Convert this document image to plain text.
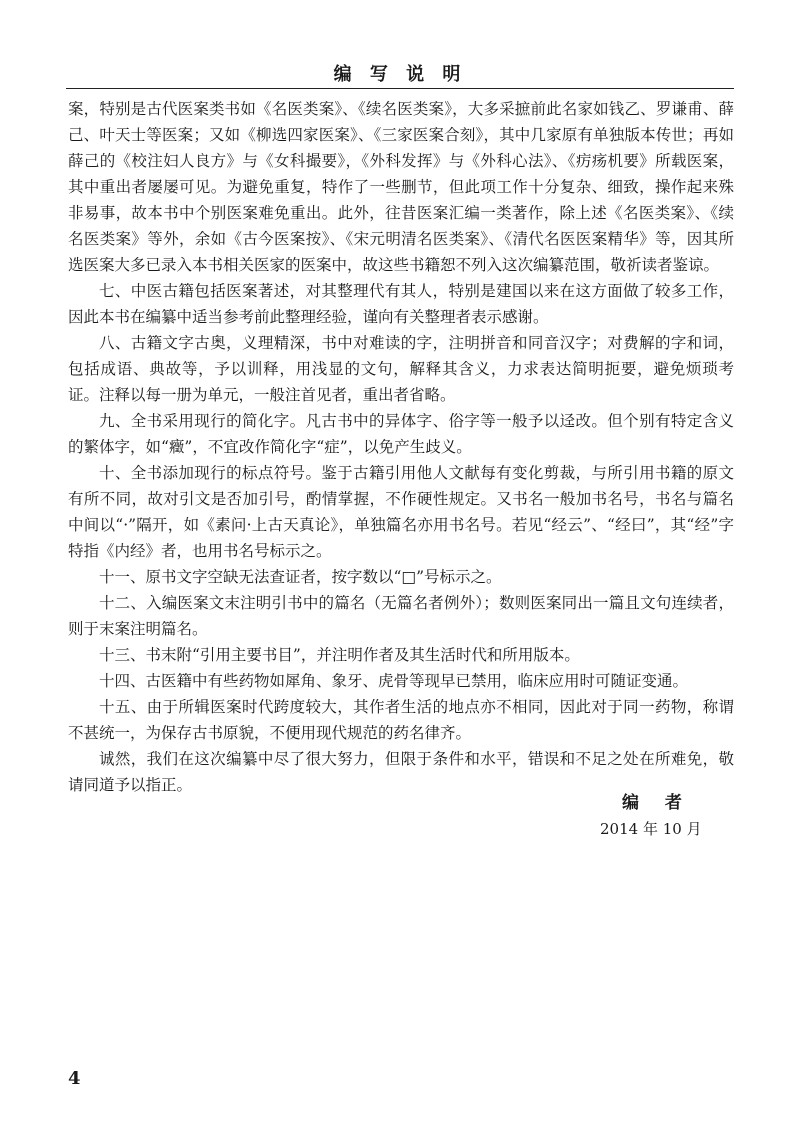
编 写 说 明

案，特别是古代医案类书如《名医类案》、《续名医类案》，大多采摭前此名家如钱乙、罗谦甫、薛己、叶天士等医案；又如《柳选四家医案》、《三家医案合刻》，其中几家原有单独版本传世；再如薛己的《校注妇人良方》与《女科撮要》，《外科发挥》与《外科心法》、《疠疡机要》所载医案，其中重出者屡屡可见。为避免重复，特作了一些删节，但此项工作十分复杂、细致，操作起来殊非易事，故本书中个别医案难免重出。此外，往昔医案汇编一类著作，除上述《名医类案》、《续名医类案》等外，余如《古今医案按》、《宋元明清名医类案》、《清代名医医案精华》等，因其所选医案大多已录入本书相关医家的医案中，故这些书籍恕不列入这次编纂范围，敬祈读者鉴谅。

七、中医古籍包括医案著述，对其整理代有其人，特别是建国以来在这方面做了较多工作，因此本书在编纂中适当参考前此整理经验，谨向有关整理者表示感谢。

八、古籍文字古奥，义理精深，书中对难读的字，注明拼音和同音汉字；对费解的字和词，包括成语、典故等，予以训释，用浅显的文句，解释其含义，力求表达简明扼要，避免烦琐考证。注释以每一册为单元，一般注首见者，重出者省略。

九、全书采用现行的简化字。凡古书中的异体字、俗字等一般予以迳改。但个别有特定含义的繁体字，如“癥”，不宜改作简化字“症”，以免产生歧义。

十、全书添加现行的标点符号。鉴于古籍引用他人文献每有变化剪裁，与所引用书籍的原文有所不同，故对引文是否加引号，酌情掌握，不作硬性规定。又书名一般加书名号，书名与篇名中间以“·”隔开，如《素问·上古天真论》，单独篇名亦用书名号。若见“经云”、“经曰”，其“经”字特指《内经》者，也用书名号标示之。

十一、原书文字空缺无法查证者，按字数以“□”号标示之。

十二、入编医案文末注明引书中的篇名（无篇名者例外）；数则医案同出一篇且文句连续者，则于末案注明篇名。

十三、书末附“引用主要书目”，并注明作者及其生活时代和所用版本。

十四、古医籍中有些药物如犀角、象牙、虎骨等现早已禁用，临床应用时可随证变通。

十五、由于所辑医案时代跨度较大，其作者生活的地点亦不相同，因此对于同一药物，称谓不甚统一，为保存古书原貌，不便用现代规范的药名律齐。

诚然，我们在这次编纂中尽了很大努力，但限于条件和水平，错误和不足之处在所难免，敬请同道予以指正。

编 者
2014 年 10 月
4
